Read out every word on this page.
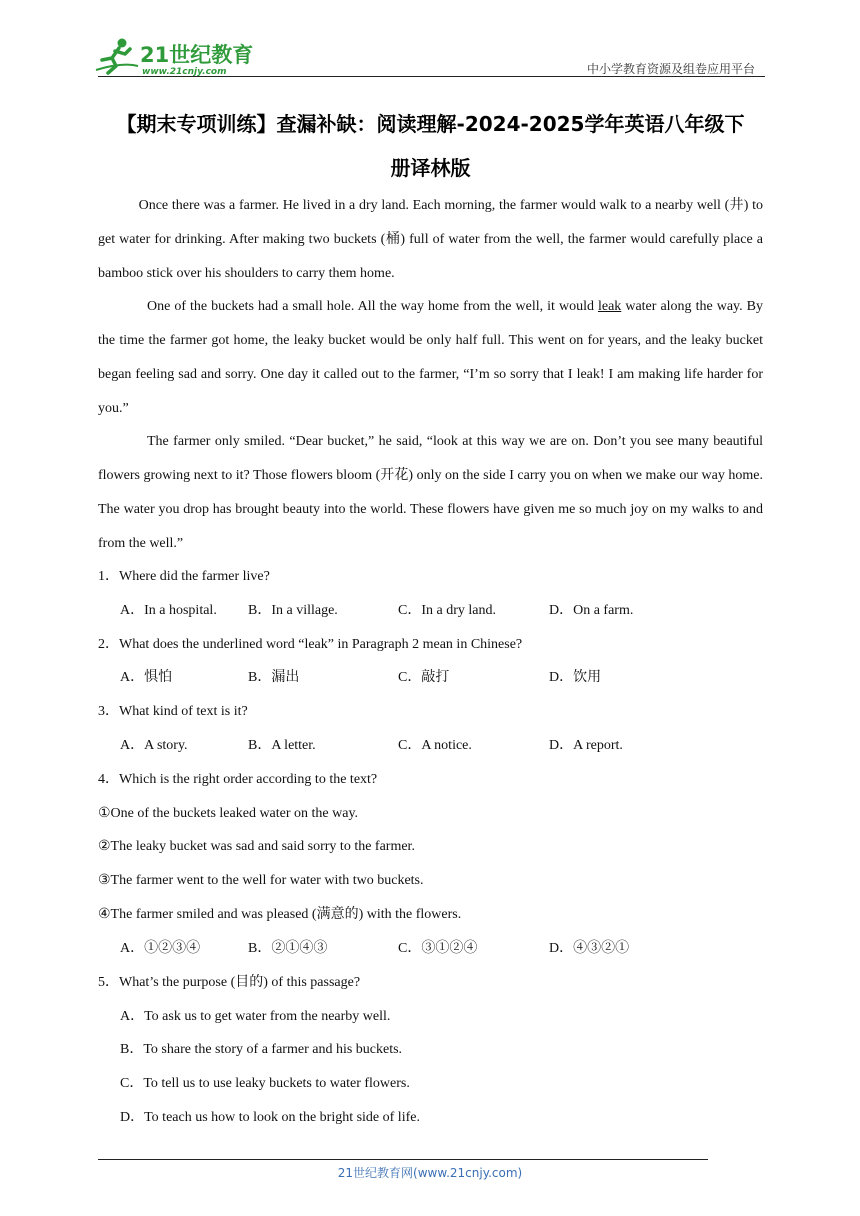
21世纪教育
www.21cnjy.com	中小学教育资源及组卷应用平台
【期末专项训练】查漏补缺：阅读理解-2024-2025学年英语八年级下
册译林版
Once there was a farmer. He lived in a dry land. Each morning, the farmer would walk to a nearby well (井) to get water for drinking. After making two buckets (桶) full of water from the well, the farmer would carefully place a bamboo stick over his shoulders to carry them home.
One of the buckets had a small hole. All the way home from the well, it would leak water along the way. By the time the farmer got home, the leaky bucket would be only half full. This went on for years, and the leaky bucket began feeling sad and sorry. One day it called out to the farmer, “I’m so sorry that I leak! I am making life harder for you.”
The farmer only smiled. “Dear bucket,” he said, “look at this way we are on. Don’t you see many beautiful flowers growing next to it? Those flowers bloom (开花) only on the side I carry you on when we make our way home. The water you drop has brought beauty into the world. These flowers have given me so much joy on my walks to and from the well.”
1．Where did the farmer live?
A．In a hospital. B．In a village.	C．In a dry land.	D．On a farm.
2．What does the underlined word “leak” in Paragraph 2 mean in Chinese?
A．惧怕	B．漏出	C．敲打	D．饮用
3．What kind of text is it?
A．A story.	B．A letter.	C．A notice.	D．A report.
4．Which is the right order according to the text?
①One of the buckets leaked water on the way.
②The leaky bucket was sad and said sorry to the farmer.
③The farmer went to the well for water with two buckets.
④The farmer smiled and was pleased (满意的) with the flowers.
A．①②③④	B．②①④③	C．③①②④	D．④③②①
5．What’s the purpose (目的) of this passage?
A．To ask us to get water from the nearby well.
B．To share the story of a farmer and his buckets.
C．To tell us to use leaky buckets to water flowers.
D．To teach us how to look on the bright side of life.
21世纪教育网(www.21cnjy.com)
